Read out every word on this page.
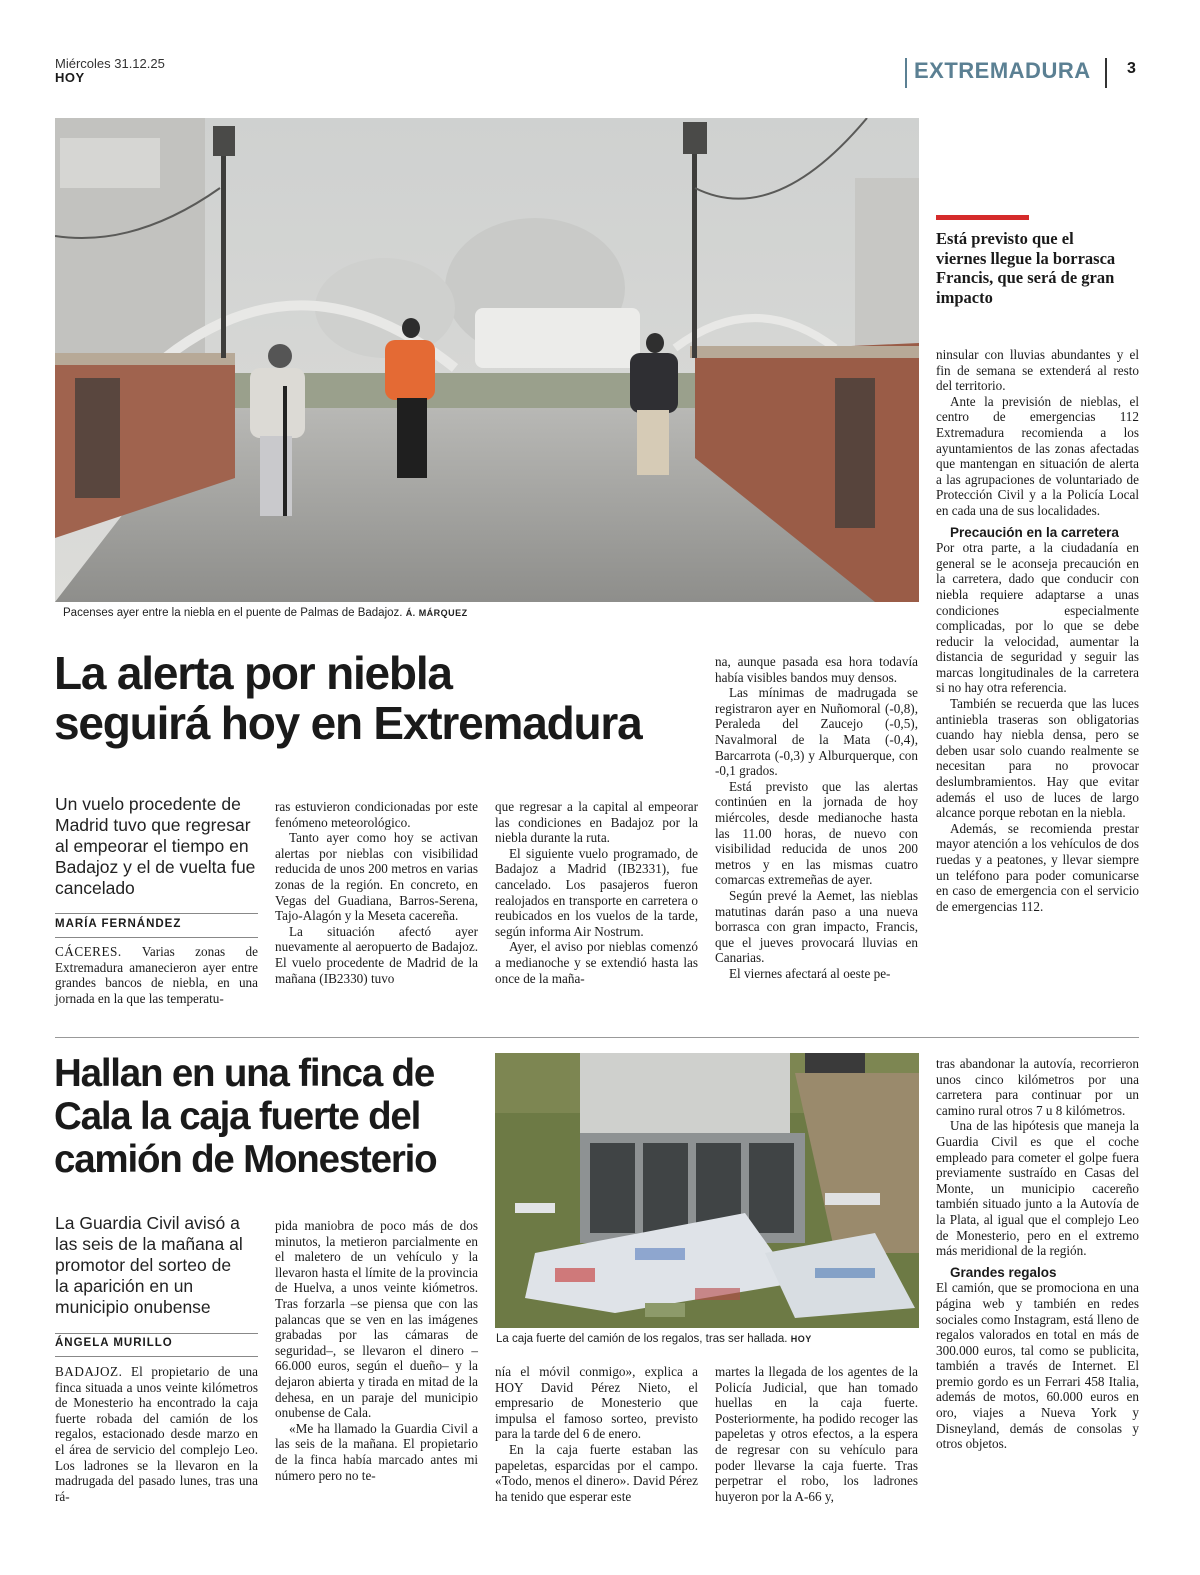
Miércoles 31.12.25
HOY	EXTREMADURA 3
Pacenses ayer entre la niebla en el puente de Palmas de Badajoz. Á. MÁRQUEZ
Está previsto que el viernes llegue la borrasca Francis, que será de gran impacto
La alerta por niebla
seguirá hoy en Extremadura
Un vuelo procedente de Madrid tuvo que regresar al empeorar el tiempo en Badajoz y el de vuelta fue cancelado
MARÍA FERNÁNDEZ

CÁCERES. Varias zonas de Extremadura amanecieron ayer entre grandes bancos de niebla, en una jornada en la que las temperatu-

ras estuvieron condicionadas por este fenómeno meteorológico.

Tanto ayer como hoy se activan alertas por nieblas con visibilidad reducida de unos 200 metros en varias zonas de la región. En concreto, en Vegas del Guadiana, Barros-Serena, Tajo-Alagón y la Meseta cacereña.

La situación afectó ayer nuevamente al aeropuerto de Badajoz. El vuelo procedente de Madrid de la mañana (IB2330) tuvo

que regresar a la capital al empeorar las condiciones en Badajoz por la niebla durante la ruta.

El siguiente vuelo programado, de Badajoz a Madrid (IB2331), fue cancelado. Los pasajeros fueron realojados en transporte en carretera o reubicados en los vuelos de la tarde, según informa Air Nostrum.

Ayer, el aviso por nieblas comenzó a medianoche y se extendió hasta las once de la maña-

na, aunque pasada esa hora todavía había visibles bandos muy densos.

Las mínimas de madrugada se registraron ayer en Nuñomoral (-0,8), Peraleda del Zaucejo (-0,5), Navalmoral de la Mata (-0,4), Barcarrota (-0,3) y Alburquerque, con -0,1 grados.

Está previsto que las alertas continúen en la jornada de hoy miércoles, desde medianoche hasta las 11.00 horas, de nuevo con visibilidad reducida de unos 200 metros y en las mismas cuatro comarcas extremeñas de ayer.

Según prevé la Aemet, las nieblas matutinas darán paso a una nueva borrasca con gran impacto, Francis, que el jueves provocará lluvias en Canarias.

El viernes afectará al oeste pe-

ninsular con lluvias abundantes y el fin de semana se extenderá al resto del territorio.

Ante la previsión de nieblas, el centro de emergencias 112 Extremadura recomienda a los ayuntamientos de las zonas afectadas que mantengan en situación de alerta a las agrupaciones de voluntariado de Protección Civil y a la Policía Local en cada una de sus localidades.

Precaución en la carretera

Por otra parte, a la ciudadanía en general se le aconseja precaución en la carretera, dado que conducir con niebla requiere adaptarse a unas condiciones especialmente complicadas, por lo que se debe reducir la velocidad, aumentar la distancia de seguridad y seguir las marcas longitudinales de la carretera si no hay otra referencia.

También se recuerda que las luces antiniebla traseras son obligatorias cuando hay niebla densa, pero se deben usar solo cuando realmente se necesitan para no provocar deslumbramientos. Hay que evitar además el uso de luces de largo alcance porque rebotan en la niebla.

Además, se recomienda prestar mayor atención a los vehículos de dos ruedas y a peatones, y llevar siempre un teléfono para poder comunicarse en caso de emergencia con el servicio de emergencias 112.

Hallan en una finca de
Cala la caja fuerte del
camión de Monesterio
La Guardia Civil avisó a las seis de la mañana al promotor del sorteo de la aparición en un municipio onubense
ÁNGELA MURILLO	La caja fuerte del camión de los regalos, tras ser hallada. HOY

BADAJOZ. El propietario de una finca situada a unos veinte kilómetros de Monesterio ha encontrado la caja fuerte robada del camión de los regalos, estacionado desde marzo en el área de servicio del complejo Leo. Los ladrones se la llevaron en la madrugada del pasado lunes, tras una rá-

pida maniobra de poco más de dos minutos, la metieron parcialmente en el maletero de un vehículo y la llevaron hasta el límite de la provincia de Huelva, a unos veinte kiómetros. Tras forzarla –se piensa que con las palancas que se ven en las imágenes grabadas por las cámaras de seguridad–, se llevaron el dinero –66.000 euros, según el dueño– y la dejaron abierta y tirada en mitad de la dehesa, en un paraje del municipio onubense de Cala.

«Me ha llamado la Guardia Civil a las seis de la mañana. El propietario de la finca había marcado antes mi número pero no te-

nía el móvil conmigo», explica a HOY David Pérez Nieto, el empresario de Monesterio que impulsa el famoso sorteo, previsto para la tarde del 6 de enero.

En la caja fuerte estaban las papeletas, esparcidas por el campo. «Todo, menos el dinero». David Pérez ha tenido que esperar este

martes la llegada de los agentes de la Policía Judicial, que han tomado huellas en la caja fuerte. Posteriormente, ha podido recoger las papeletas y otros efectos, a la espera de regresar con su vehículo para poder llevarse la caja fuerte. Tras perpetrar el robo, los ladrones huyeron por la A-66 y,

tras abandonar la autovía, recorrieron unos cinco kilómetros por una carretera para continuar por un camino rural otros 7 u 8 kilómetros.

Una de las hipótesis que maneja la Guardia Civil es que el coche empleado para cometer el golpe fuera previamente sustraído en Casas del Monte, un municipio cacereño también situado junto a la Autovía de la Plata, al igual que el complejo Leo de Monesterio, pero en el extremo más meridional de la región.

Grandes regalos

El camión, que se promociona en una página web y también en redes sociales como Instagram, está lleno de regalos valorados en total en más de 300.000 euros, tal como se publicita, también a través de Internet. El premio gordo es un Ferrari 458 Italia, además de motos, 60.000 euros en oro, viajes a Nueva York y Disneyland, demás de consolas y otros objetos.
